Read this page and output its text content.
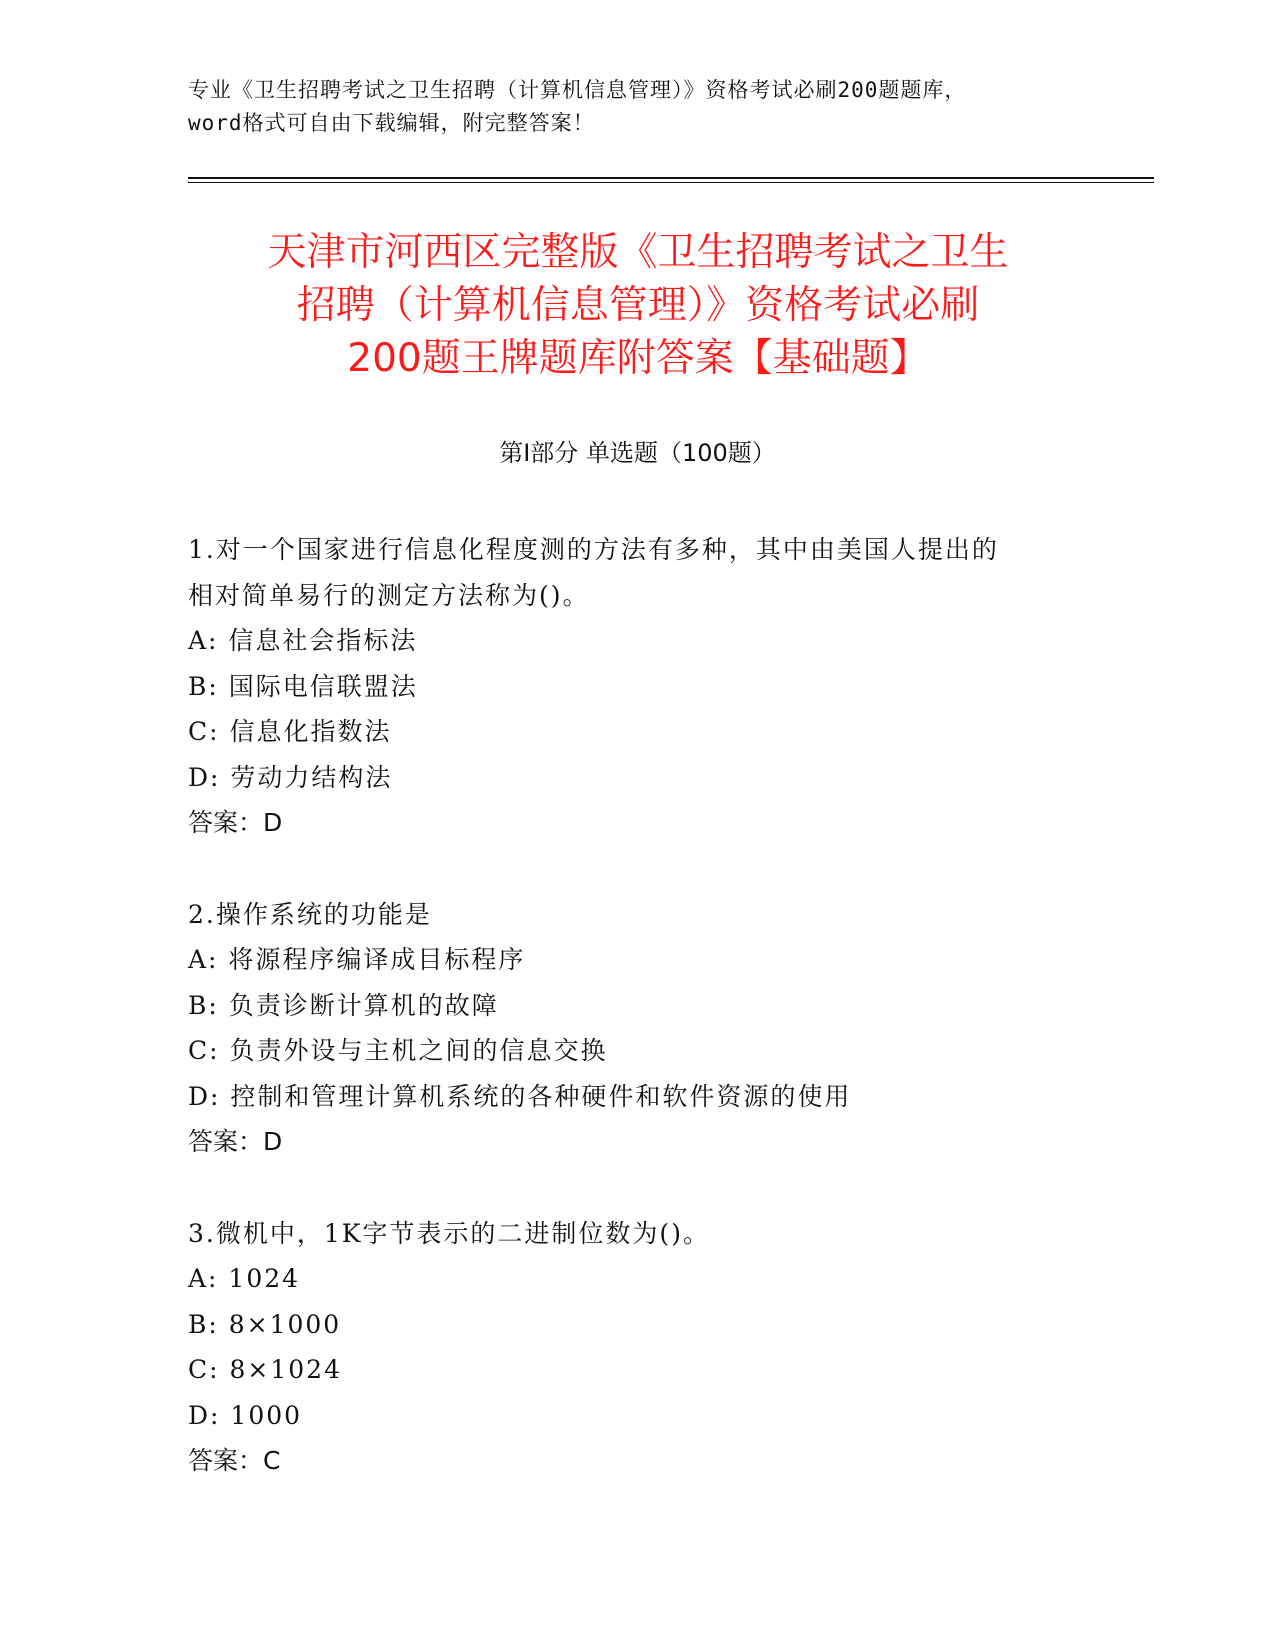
专业《卫生招聘考试之卫生招聘（计算机信息管理）》资格考试必刷200题题库，
word格式可自由下载编辑，附完整答案！
天津市河西区完整版《卫生招聘考试之卫生
招聘（计算机信息管理）》资格考试必刷
200题王牌题库附答案【基础题】
第Ⅰ部分 单选题（100题）
1.对一个国家进行信息化程度测的方法有多种，其中由美国人提出的
相对简单易行的测定方法称为()。
A: 信息社会指标法
B: 国际电信联盟法
C: 信息化指数法
D: 劳动力结构法
答案：D
2.操作系统的功能是
A: 将源程序编译成目标程序
B: 负责诊断计算机的故障
C: 负责外设与主机之间的信息交换
D: 控制和管理计算机系统的各种硬件和软件资源的使用
答案：D
3.微机中，1K字节表示的二进制位数为()。
A: 1024
B: 8×1000
C: 8×1024
D: 1000
答案：C
